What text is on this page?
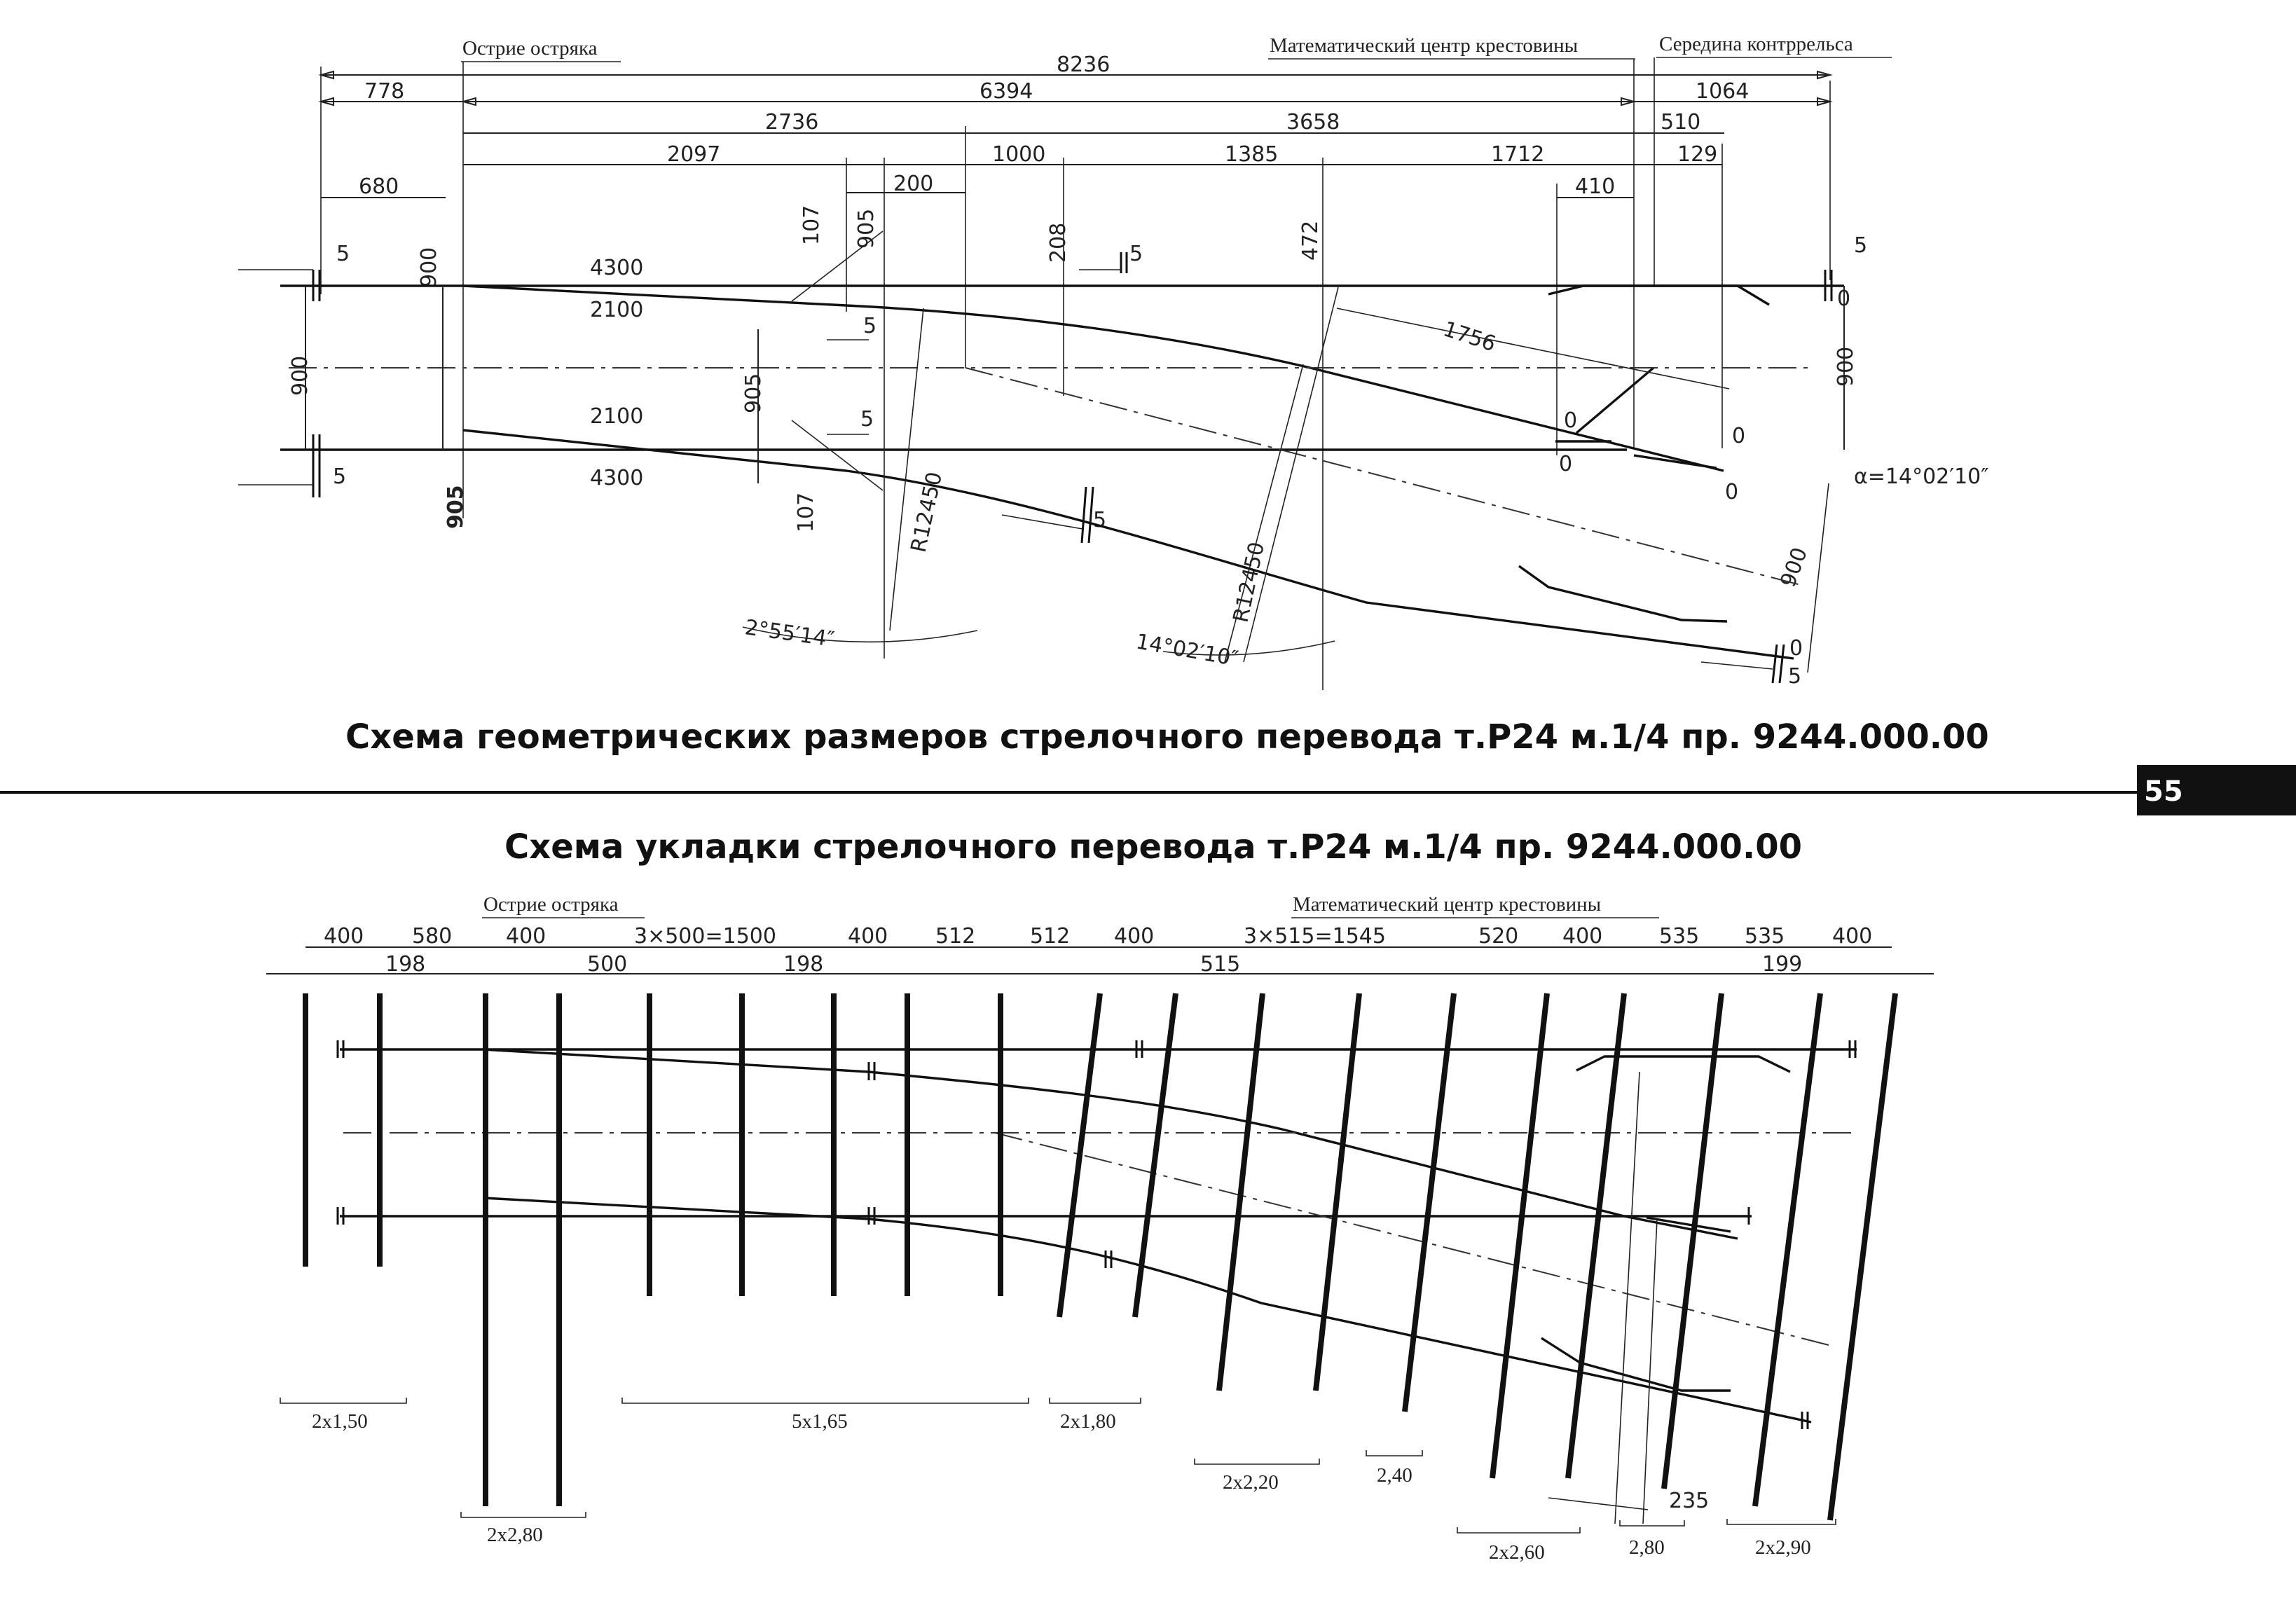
Острие остряка	Математический центр крестовины	Середина контррельса
8236
778	6394	1064
2736	3658	510
2097	1000	1385	1712	129
680	200	410
α=14°02′10″
107 905	208	472
900
900	900
900
905
905	107
1756
R12450
R12450
2°55′14″	14°02′10″
4300
2100
2100
4300
5
5
5	5
5
5
5
5
0
0
0
0
0
0
Схема геометрических размеров стрелочного перевода т.Р24 м.1/4 пр. 9244.000.00
55
Схема укладки стрелочного перевода т.Р24 м.1/4 пр. 9244.000.00
Острие остряка	Математический центр крестовины
400 580	400	3×500=1500	400 512	512 400	3×515=1545	520 400	535 535 400
198	500	198	515	199
2x1,50
2x2,80
5x1,65	2x1,80
2x2,20	2,40
2x2,60	2,80	2x2,90
235
